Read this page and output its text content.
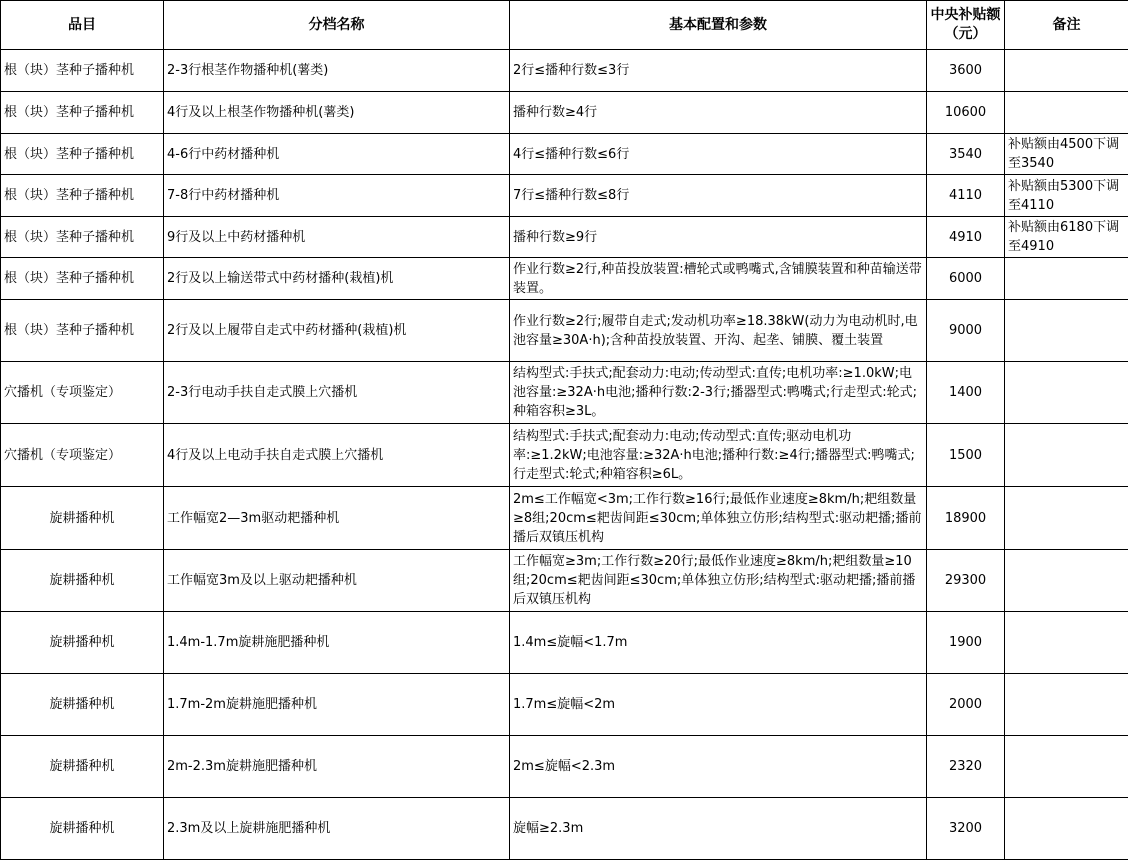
品目	分档名称	基本配置和参数	中央补贴额（元）	备注
根（块）茎种子播种机	2-3行根茎作物播种机(薯类)	2行≤播种行数≤3行	3600	
根（块）茎种子播种机	4行及以上根茎作物播种机(薯类)	播种行数≥4行	10600	
根（块）茎种子播种机	4-6行中药材播种机	4行≤播种行数≤6行	3540	补贴额由4500下调至3540
根（块）茎种子播种机	7-8行中药材播种机	7行≤播种行数≤8行	4110	补贴额由5300下调至4110
根（块）茎种子播种机	9行及以上中药材播种机	播种行数≥9行	4910	补贴额由6180下调至4910
根（块）茎种子播种机	2行及以上输送带式中药材播种(栽植)机	作业行数≥2行,种苗投放装置:槽轮式或鸭嘴式,含铺膜装置和种苗输送带装置。	6000	
根（块）茎种子播种机	2行及以上履带自走式中药材播种(栽植)机	作业行数≥2行;履带自走式;发动机功率≥18.38kW(动力为电动机时,电池容量≥30A·h);含种苗投放装置、开沟、起垄、铺膜、覆土装置	9000	
穴播机（专项鉴定）	2-3行电动手扶自走式膜上穴播机	结构型式:手扶式;配套动力:电动;传动型式:直传;电机功率:≥1.0kW;电池容量:≥32A·h电池;播种行数:2-3行;播器型式:鸭嘴式;行走型式:轮式;种箱容积≥3L。	1400	
穴播机（专项鉴定）	4行及以上电动手扶自走式膜上穴播机	结构型式:手扶式;配套动力:电动;传动型式:直传;驱动电机功率:≥1.2kW;电池容量:≥32A·h电池;播种行数:≥4行;播器型式:鸭嘴式;行走型式:轮式;种箱容积≥6L。	1500	
旋耕播种机	工作幅宽2—3m驱动耙播种机	2m≤工作幅宽<3m;工作行数≥16行;最低作业速度≥8km/h;耙组数量≥8组;20cm≤耙齿间距≤30cm;单体独立仿形;结构型式:驱动耙播;播前播后双镇压机构	18900	
旋耕播种机	工作幅宽3m及以上驱动耙播种机	工作幅宽≥3m;工作行数≥20行;最低作业速度≥8km/h;耙组数量≥10组;20cm≤耙齿间距≤30cm;单体独立仿形;结构型式:驱动耙播;播前播后双镇压机构	29300	
旋耕播种机	1.4m-1.7m旋耕施肥播种机	1.4m≤旋幅<1.7m	1900	
旋耕播种机	1.7m-2m旋耕施肥播种机	1.7m≤旋幅<2m	2000	
旋耕播种机	2m-2.3m旋耕施肥播种机	2m≤旋幅<2.3m	2320	
旋耕播种机	2.3m及以上旋耕施肥播种机	旋幅≥2.3m	3200	
